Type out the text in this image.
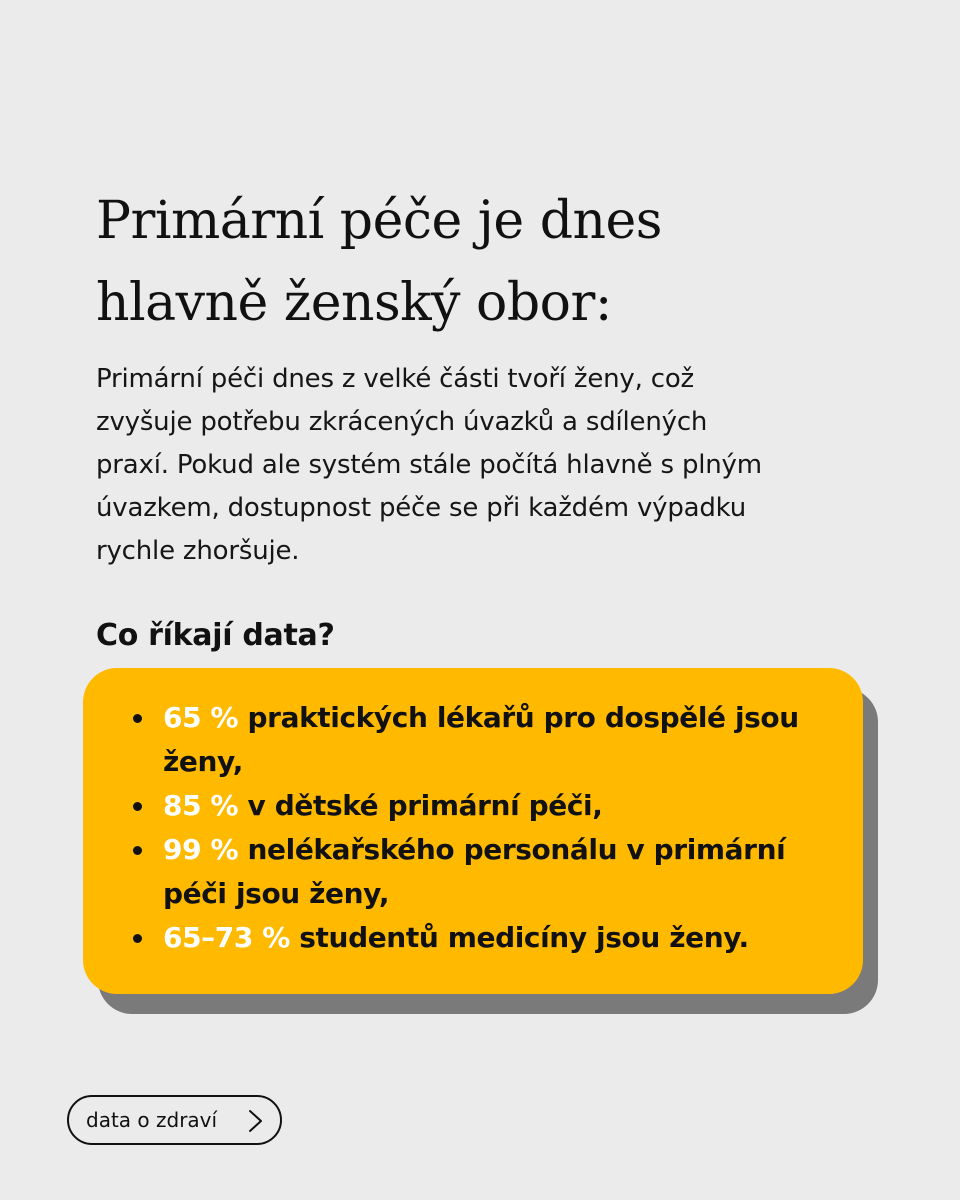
Primární péče je dnes
hlavně ženský obor:

Primární péči dnes z velké části tvoří ženy, což
zvyšuje potřebu zkrácených úvazků a sdílených
praxí. Pokud ale systém stále počítá hlavně s plným
úvazkem, dostupnost péče se při každém výpadku
rychle zhoršuje.

Co říkají data?
65 % praktických lékařů pro dospělé jsou
ženy,
85 % v dětské primární péči,
99 % nelékařského personálu v primární
péči jsou ženy,
65–73 % studentů medicíny jsou ženy.
data o zdraví
